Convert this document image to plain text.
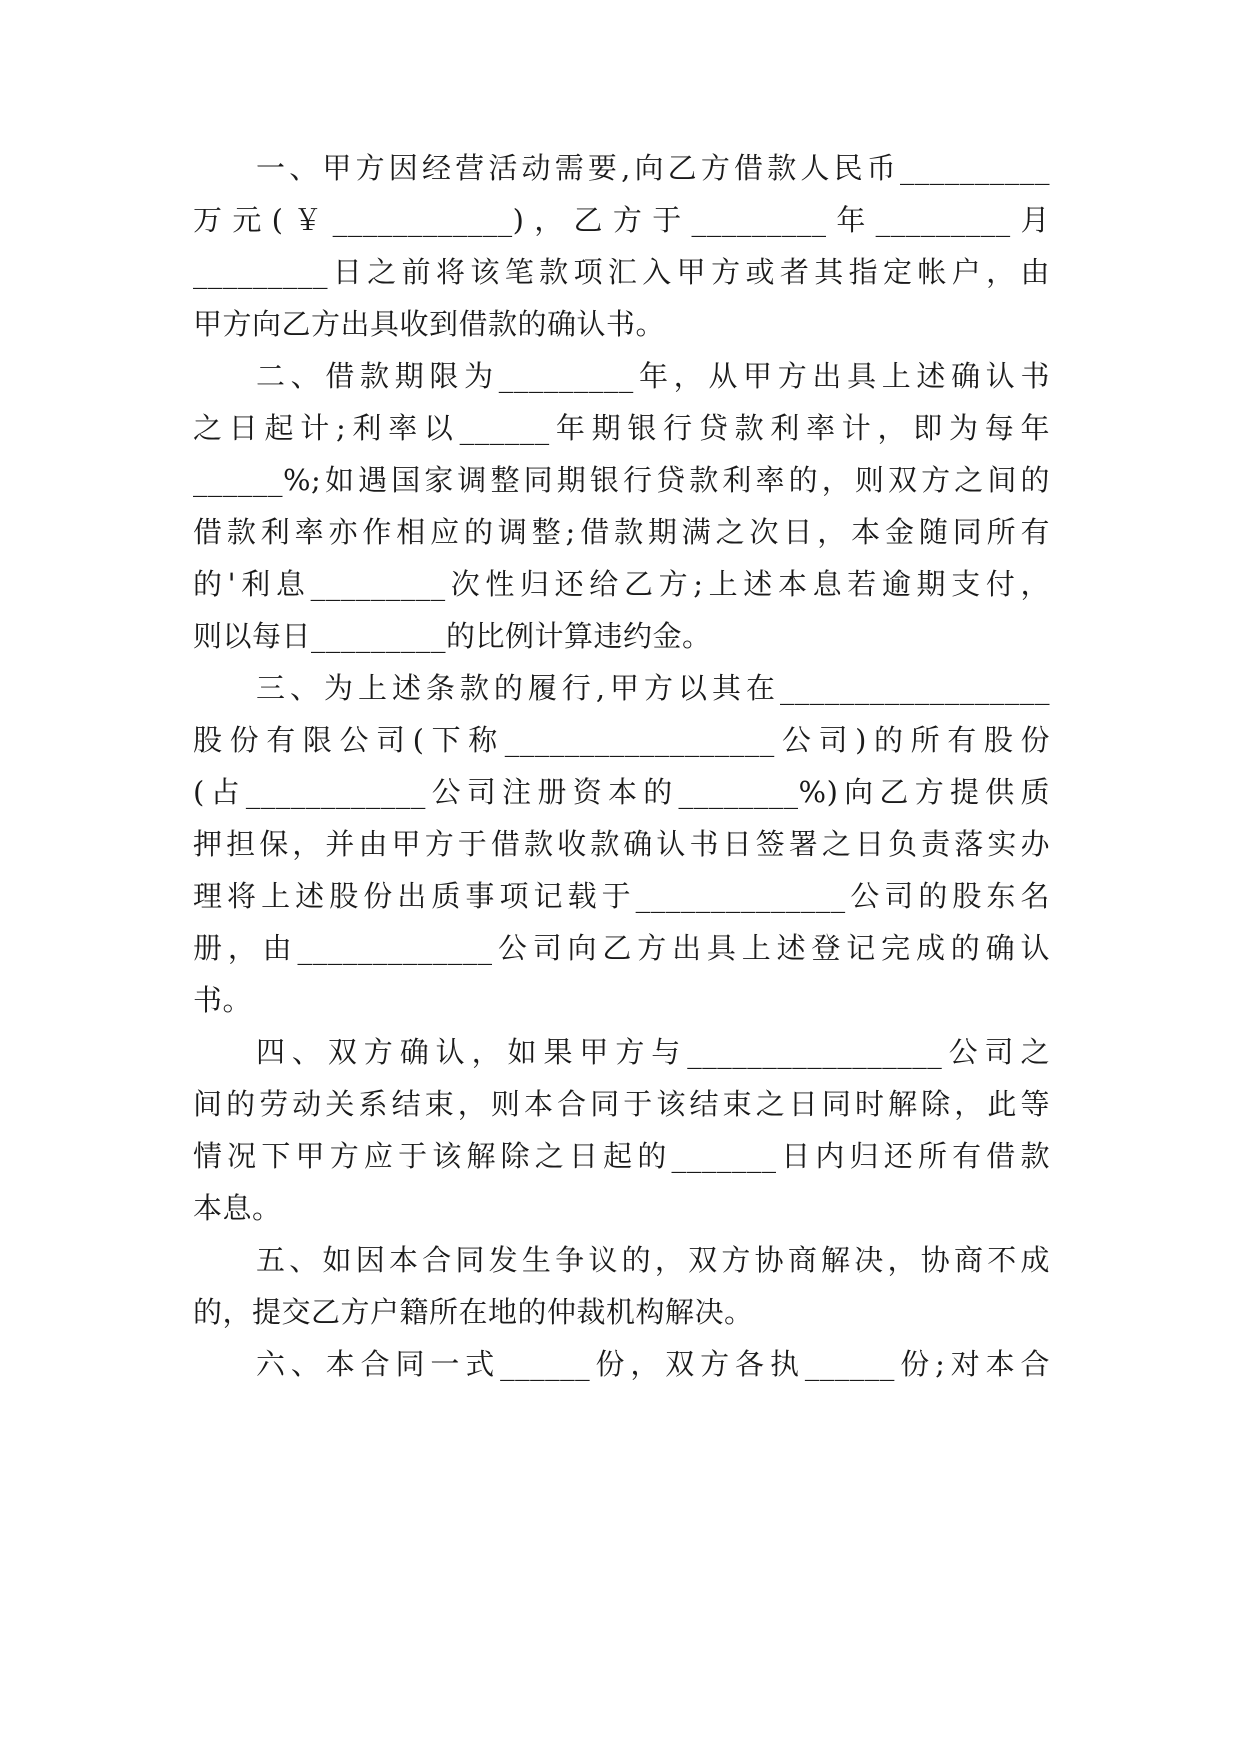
一、甲方因经营活动需要,向乙方借款人民币__________

万元(￥____________)，乙方于_________年_________月

_________日之前将该笔款项汇入甲方或者其指定帐户，由

甲方向乙方出具收到借款的确认书。

二、借款期限为_________年，从甲方出具上述确认书

之日起计;利率以______年期银行贷款利率计，即为每年

______%;如遇国家调整同期银行贷款利率的，则双方之间的

借款利率亦作相应的调整;借款期满之次日，本金随同所有

的'利息_________次性归还给乙方;上述本息若逾期支付，

则以每日_________的比例计算违约金。

三、为上述条款的履行,甲方以其在__________________

股份有限公司(下称__________________公司)的所有股份

(占____________公司注册资本的________%)向乙方提供质

押担保，并由甲方于借款收款确认书日签署之日负责落实办

理将上述股份出质事项记载于______________公司的股东名

册，由_____________公司向乙方出具上述登记完成的确认

书。

四、双方确认，如果甲方与_________________公司之

间的劳动关系结束，则本合同于该结束之日同时解除，此等

情况下甲方应于该解除之日起的_______日内归还所有借款

本息。

五、如因本合同发生争议的，双方协商解决，协商不成

的，提交乙方户籍所在地的仲裁机构解决。

六、本合同一式______份，双方各执______份;对本合
